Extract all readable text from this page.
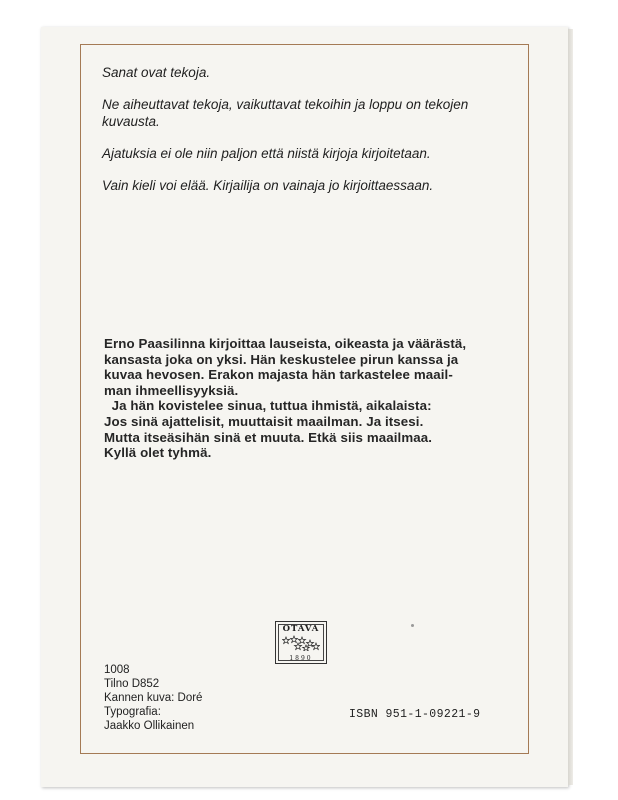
Sanat ovat tekoja.

Ne aiheuttavat tekoja, vaikuttavat tekoihin ja loppu on tekojen kuvausta.

Ajatuksia ei ole niin paljon että niistä kirjoja kirjoitetaan.

Vain kieli voi elää. Kirjailija on vainaja jo kirjoittaessaan.

Erno Paasilinna kirjoittaa lauseista, oikeasta ja väärästä,
kansasta joka on yksi. Hän keskustelee pirun kanssa ja
kuvaa hevosen. Erakon majasta hän tarkastelee maail-
man ihmeellisyyksiä.
Ja hän kovistelee sinua, tuttua ihmistä, aikalaista:
Jos sinä ajattelisit, muuttaisit maailman. Ja itsesi.
Mutta itseäsihän sinä et muuta. Etkä siis maailmaa.
Kyllä olet tyhmä.
OTAVA
1890
1008
Tilno D852
Kannen kuva: Doré
Typografia:
Jaakko Ollikainen
ISBN 951-1-09221-9
